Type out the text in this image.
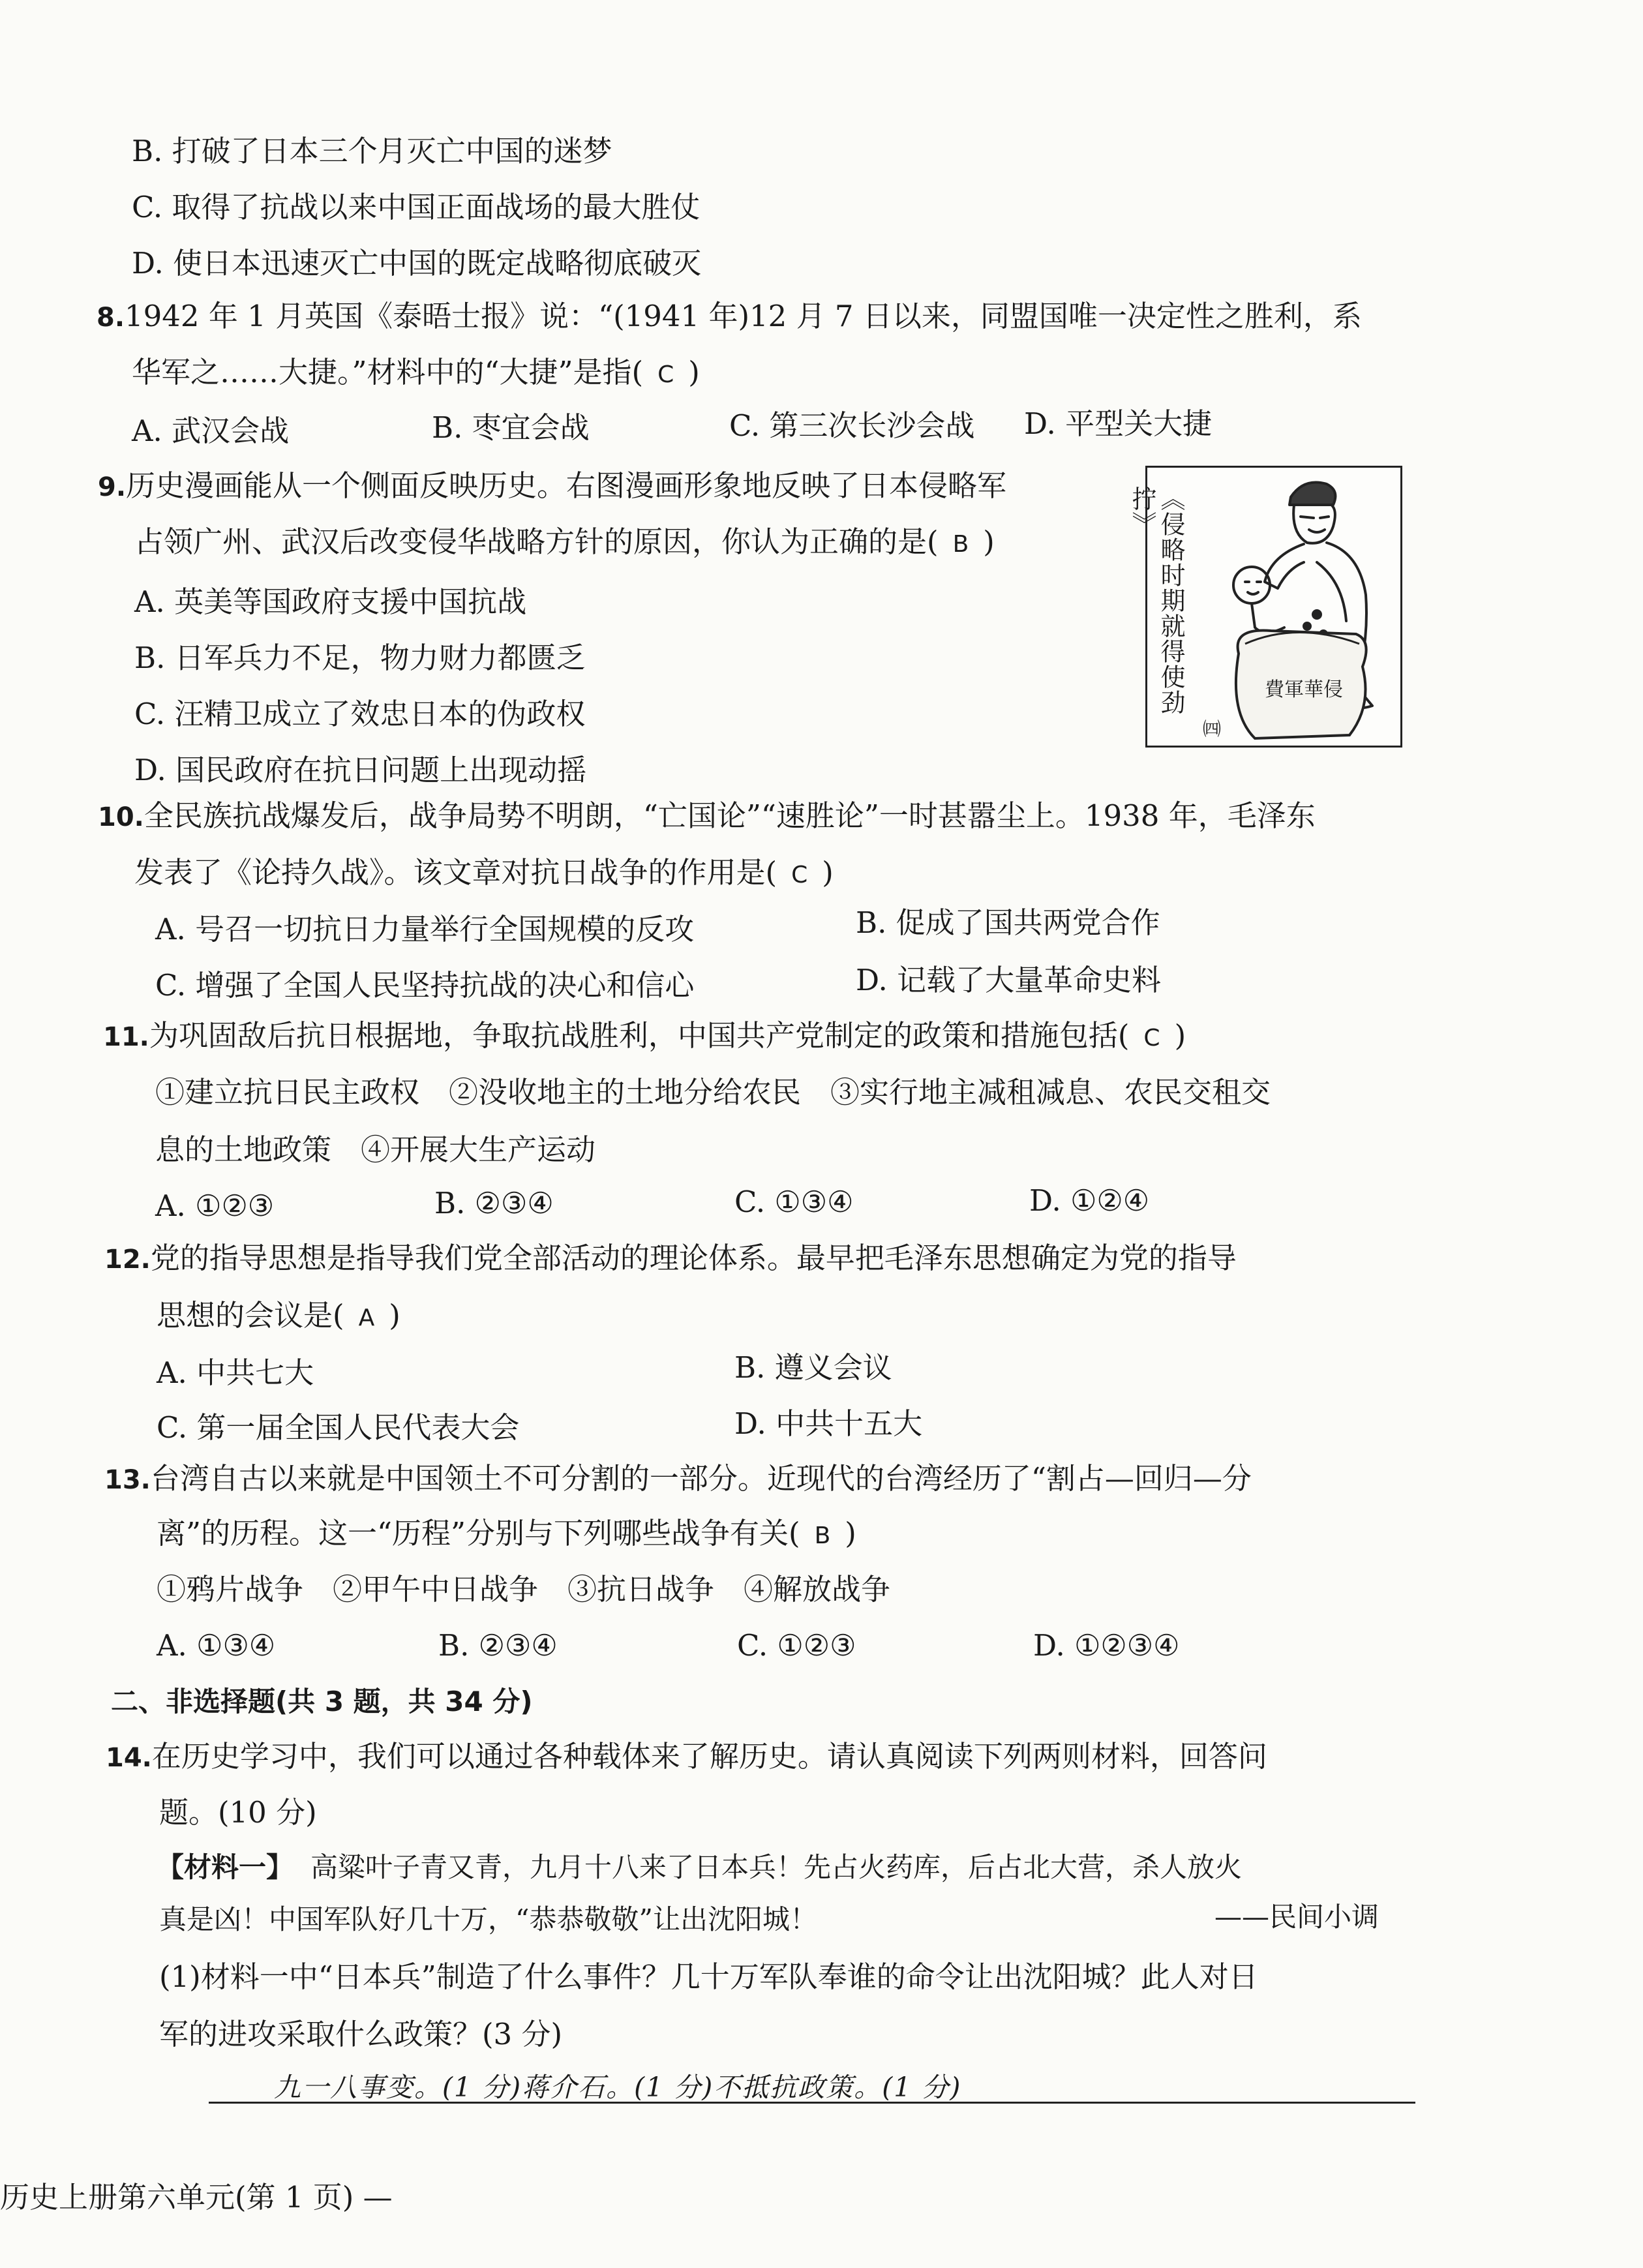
B. 打破了日本三个月灭亡中国的迷梦
C. 取得了抗战以来中国正面战场的最大胜仗
D. 使日本迅速灭亡中国的既定战略彻底破灭
8.1942 年 1 月英国《泰晤士报》说：“(1941 年)12 月 7 日以来，同盟国唯一决定性之胜利，系
华军之……大捷。”材料中的“大捷”是指( C )
A. 武汉会战	B. 枣宜会战	C. 第三次长沙会战 D. 平型关大捷
9.历史漫画能从一个侧面反映历史。右图漫画形象地反映了日本侵略军
占领广州、武汉后改变侵华战略方针的原因，你认为正确的是( B )
A. 英美等国政府支援中国抗战
B. 日军兵力不足，物力财力都匮乏
C. 汪精卫成立了效忠日本的伪政权
D. 国民政府在抗日问题上出现动摇
《侵略时期就得使劲拧》
費軍華侵
㈣
10.全民族抗战爆发后，战争局势不明朗，“亡国论”“速胜论”一时甚嚣尘上。1938 年，毛泽东
发表了《论持久战》。该文章对抗日战争的作用是( C )
A. 号召一切抗日力量举行全国规模的反攻	B. 促成了国共两党合作
C. 增强了全国人民坚持抗战的决心和信心	D. 记载了大量革命史料
11.为巩固敌后抗日根据地，争取抗战胜利，中国共产党制定的政策和措施包括( C )
①建立抗日民主政权　②没收地主的土地分给农民　③实行地主减租减息、农民交租交
息的土地政策　④开展大生产运动
A. ①②③	B. ②③④	C. ①③④	D. ①②④
12.党的指导思想是指导我们党全部活动的理论体系。最早把毛泽东思想确定为党的指导
思想的会议是( A )
A. 中共七大	B. 遵义会议
C. 第一届全国人民代表大会	D. 中共十五大
13.台湾自古以来就是中国领土不可分割的一部分。近现代的台湾经历了“割占—回归—分
离”的历程。这一“历程”分别与下列哪些战争有关( B )
①鸦片战争　②甲午中日战争　③抗日战争　④解放战争
A. ①③④	B. ②③④	C. ①②③	D. ①②③④
二、非选择题(共 3 题，共 34 分)
14.在历史学习中，我们可以通过各种载体来了解历史。请认真阅读下列两则材料，回答问
题。(10 分)
【材料一】 高粱叶子青又青，九月十八来了日本兵！先占火药库，后占北大营，杀人放火
真是凶！中国军队好几十万，“恭恭敬敬”让出沈阳城！	——民间小调
(1)材料一中“日本兵”制造了什么事件？几十万军队奉谁的命令让出沈阳城？此人对日
军的进攻采取什么政策？(3 分)
九一八事变。(1 分)蒋介石。(1 分)不抵抗政策。(1 分)
历史上册第六单元(第 1 页) —
